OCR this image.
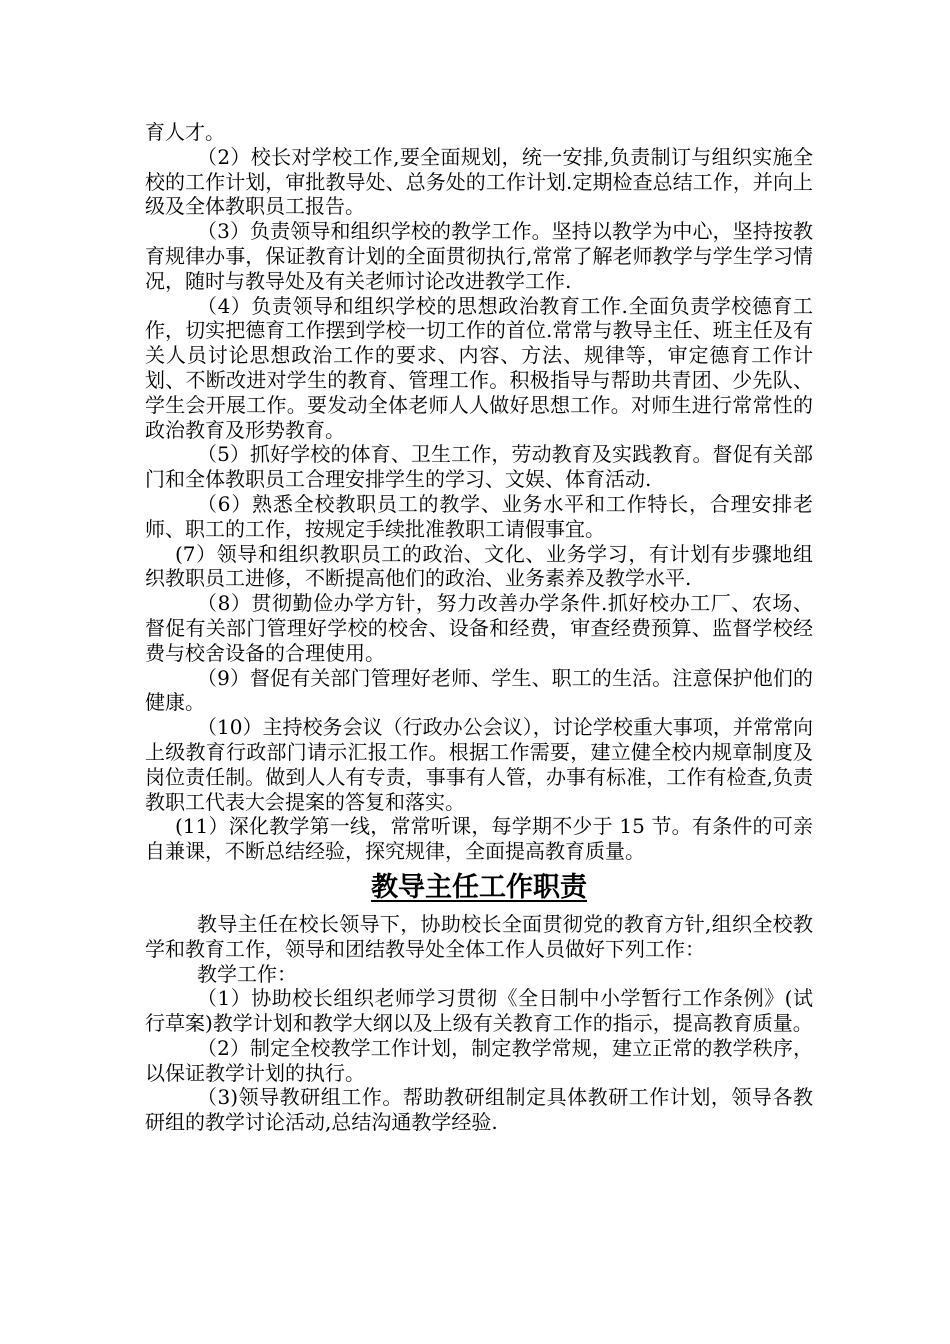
育人才。

（2）校长对学校工作,要全面规划，统一安排,负责制订与组织实施全校的工作计划，审批教导处、总务处的工作计划.定期检查总结工作，并向上级及全体教职员工报告。

（3）负责领导和组织学校的教学工作。坚持以教学为中心，坚持按教育规律办事，保证教育计划的全面贯彻执行,常常了解老师教学与学生学习情况，随时与教导处及有关老师讨论改进教学工作.

（4）负责领导和组织学校的思想政治教育工作.全面负责学校德育工作，切实把德育工作摆到学校一切工作的首位.常常与教导主任、班主任及有关人员讨论思想政治工作的要求、内容、方法、规律等，审定德育工作计划、不断改进对学生的教育、管理工作。积极指导与帮助共青团、少先队、学生会开展工作。要发动全体老师人人做好思想工作。对师生进行常常性的政治教育及形势教育。

（5）抓好学校的体育、卫生工作，劳动教育及实践教育。督促有关部门和全体教职员工合理安排学生的学习、文娱、体育活动.

（6）熟悉全校教职员工的教学、业务水平和工作特长，合理安排老师、职工的工作，按规定手续批准教职工请假事宜。

(7）领导和组织教职员工的政治、文化、业务学习，有计划有步骤地组织教职员工进修，不断提高他们的政治、业务素养及教学水平.

（8）贯彻勤俭办学方针，努力改善办学条件.抓好校办工厂、农场、督促有关部门管理好学校的校舍、设备和经费，审查经费预算、监督学校经费与校舍设备的合理使用。

（9）督促有关部门管理好老师、学生、职工的生活。注意保护他们的健康。

（10）主持校务会议（行政办公会议），讨论学校重大事项，并常常向上级教育行政部门请示汇报工作。根据工作需要，建立健全校内规章制度及岗位责任制。做到人人有专责，事事有人管，办事有标准，工作有检查,负责教职工代表大会提案的答复和落实。

(11）深化教学第一线，常常听课，每学期不少于 15 节。有条件的可亲自兼课，不断总结经验，探究规律，全面提高教育质量。

教导主任工作职责

教导主任在校长领导下，协助校长全面贯彻党的教育方针,组织全校教学和教育工作，领导和团结教导处全体工作人员做好下列工作：

教学工作：

（1）协助校长组织老师学习贯彻《全日制中小学暂行工作条例》(试行草案)教学计划和教学大纲以及上级有关教育工作的指示，提高教育质量。

（2）制定全校教学工作计划，制定教学常规，建立正常的教学秩序，以保证教学计划的执行。

（3)领导教研组工作。帮助教研组制定具体教研工作计划，领导各教研组的教学讨论活动,总结沟通教学经验.
